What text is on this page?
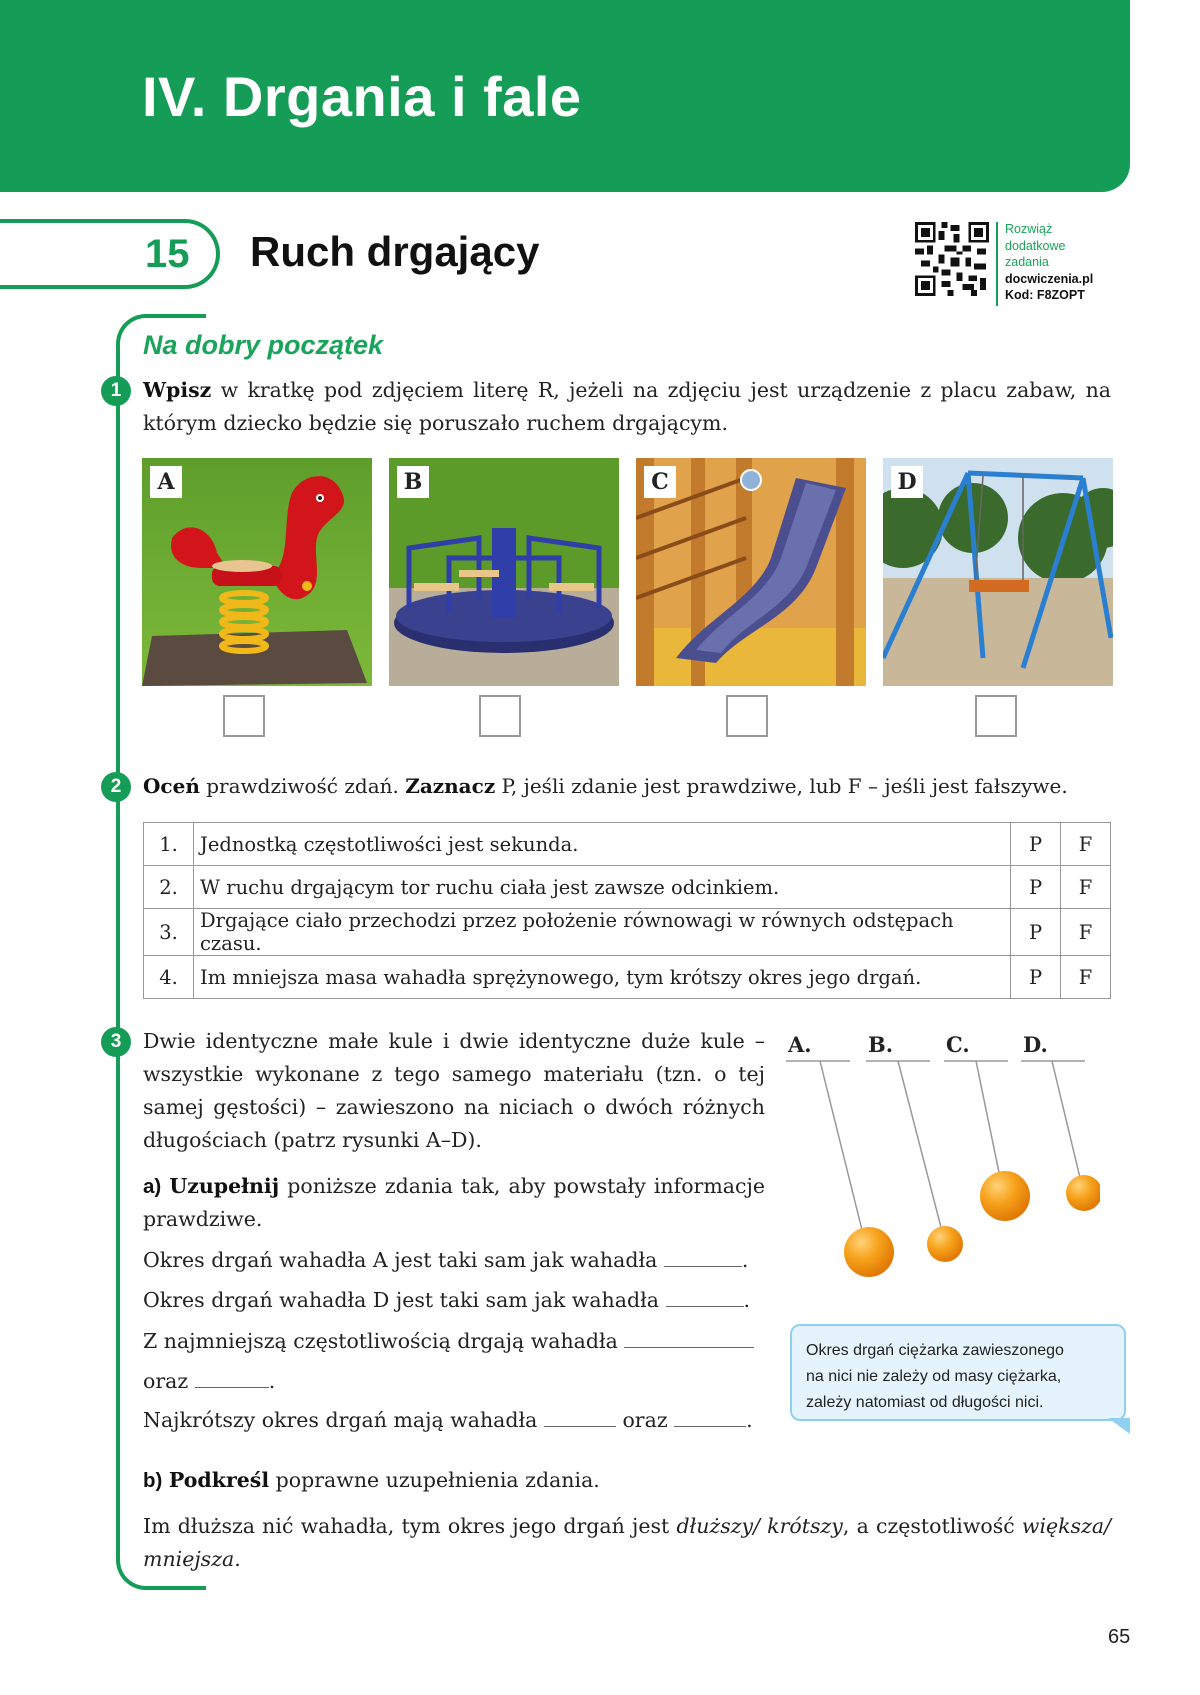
IV. Drgania i fale
15 Ruch drgający	Rozwiąż
dodatkowe
zadania
docwiczenia.pl
Kod: F8ZOPT
Na dobry początek
1	Wpisz w kratkę pod zdjęciem literę R, jeżeli na zdjęciu jest urządzenie z placu zabaw, na którym dziecko będzie się poruszało ruchem drgającym.
A	B	C	D
2	Oceń prawdziwość zdań. Zaznacz P, jeśli zdanie jest prawdziwe, lub F – jeśli jest fałszywe.
1.	Jednostką częstotliwości jest sekunda.	P	F
2.	W ruchu drgającym tor ruchu ciała jest zawsze odcinkiem.	P	F
3.	Drgające ciało przechodzi przez położenie równowagi w równych odstępach czasu.	P	F
4.	Im mniejsza masa wahadła sprężynowego, tym krótszy okres jego drgań.	P	F
3	Dwie identyczne małe kule i dwie identyczne duże kule – wszystkie wykonane z tego samego materiału (tzn. o tej samej gęstości) – zawieszono na niciach o dwóch różnych długościach (patrz rysunki A–D).
a) Uzupełnij poniższe zdania tak, aby powstały informacje prawdziwe.
Okres drgań wahadła A jest taki sam jak wahadła	.
Okres drgań wahadła D jest taki sam jak wahadła	.
Z najmniejszą częstotliwością drgają wahadła
oraz	.
Najkrótszy okres drgań mają wahadła	oraz	.
b) Podkreśl poprawne uzupełnienia zdania.
Im dłuższa nić wahadła, tym okres jego drgań jest dłuższy/ krótszy, a częstotliwość większa/ mniejsza.
A.	B.	C.	D.
Okres drgań ciężarka zawieszonego
na nici nie zależy od masy ciężarka,
zależy natomiast od długości nici.
65
